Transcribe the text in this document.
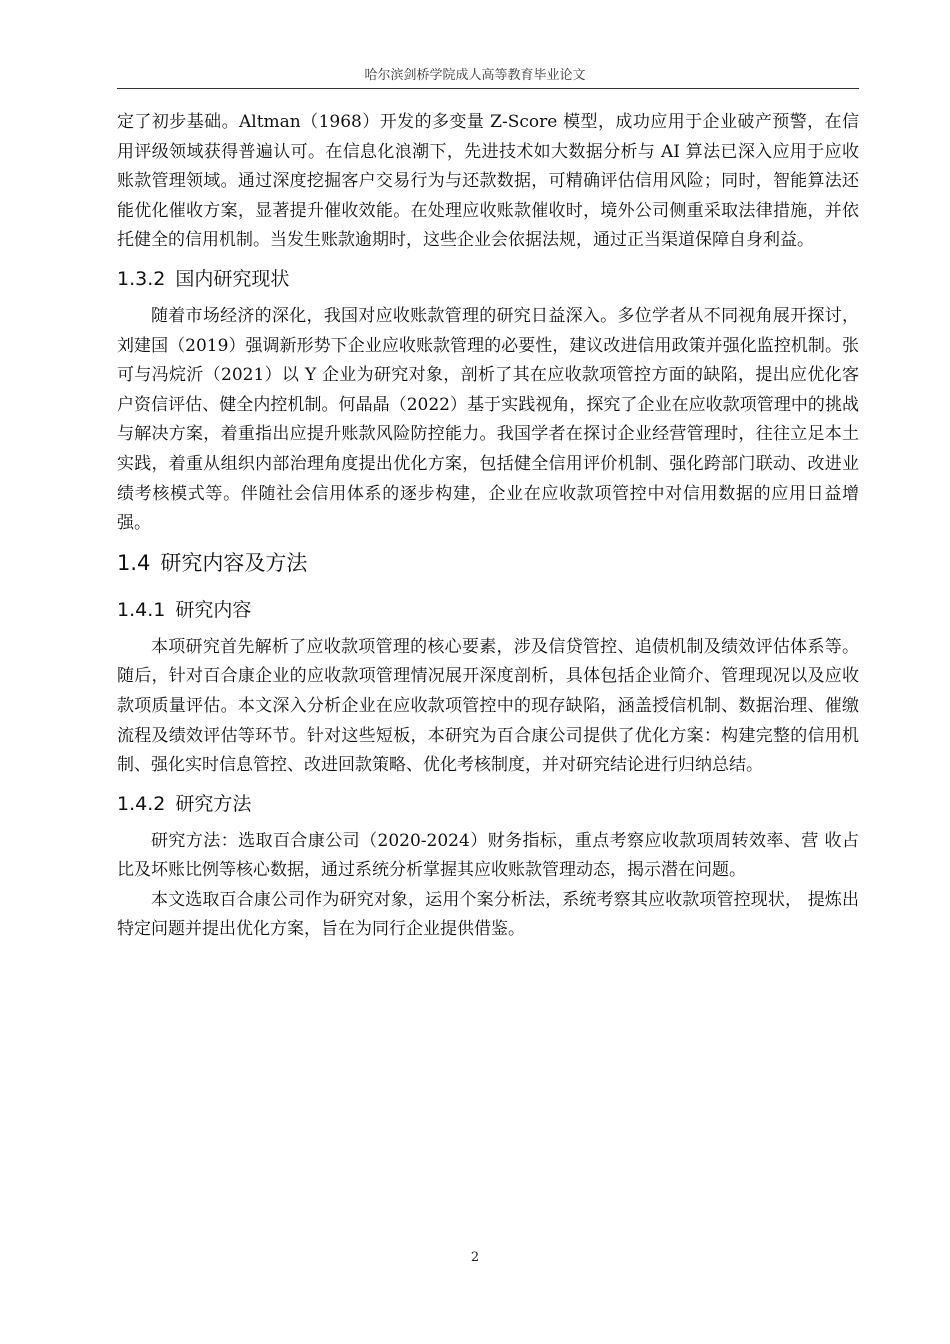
哈尔滨剑桥学院成人高等教育毕业论文

定了初步基础。Altman（1968）开发的多变量 Z-Score 模型，成功应用于企业破产预警，在信用评级领域获得普遍认可。在信息化浪潮下，先进技术如大数据分析与 AI 算法已深入应用于应收账款管理领域。通过深度挖掘客户交易行为与还款数据，可精确评估信用风险；同时，智能算法还能优化催收方案，显著提升催收效能。在处理应收账款催收时，境外公司侧重采取法律措施，并依托健全的信用机制。当发生账款逾期时，这些企业会依据法规，通过正当渠道保障自身利益。

1.3.2 国内研究现状

随着市场经济的深化，我国对应收账款管理的研究日益深入。多位学者从不同视角展开探讨，刘建国（2019）强调新形势下企业应收账款管理的必要性，建议改进信用政策并强化监控机制。张可与冯烷沂（2021）以 Y 企业为研究对象，剖析了其在应收款项管控方面的缺陷，提出应优化客户资信评估、健全内控机制。何晶晶（2022）基于实践视角，探究了企业在应收款项管理中的挑战与解决方案，着重指出应提升账款风险防控能力。我国学者在探讨企业经营管理时，往往立足本土实践，着重从组织内部治理角度提出优化方案，包括健全信用评价机制、强化跨部门联动、改进业绩考核模式等。伴随社会信用体系的逐步构建，企业在应收款项管控中对信用数据的应用日益增强。

1.4 研究内容及方法
1.4.1 研究内容

本项研究首先解析了应收款项管理的核心要素，涉及信贷管控、追债机制及绩效评估体系等。随后，针对百合康企业的应收款项管理情况展开深度剖析，具体包括企业简介、管理现况以及应收款项质量评估。本文深入分析企业在应收款项管控中的现存缺陷，涵盖授信机制、数据治理、催缴流程及绩效评估等环节。针对这些短板，本研究为百合康公司提供了优化方案：构建完整的信用机制、强化实时信息管控、改进回款策略、优化考核制度，并对研究结论进行归纳总结。

1.4.2 研究方法

研究方法：选取百合康公司（2020-2024）财务指标，重点考察应收款项周转效率、营 收占比及坏账比例等核心数据，通过系统分析掌握其应收账款管理动态，揭示潜在问题。

本文选取百合康公司作为研究对象，运用个案分析法，系统考察其应收款项管控现状， 提炼出特定问题并提出优化方案，旨在为同行企业提供借鉴。

2
